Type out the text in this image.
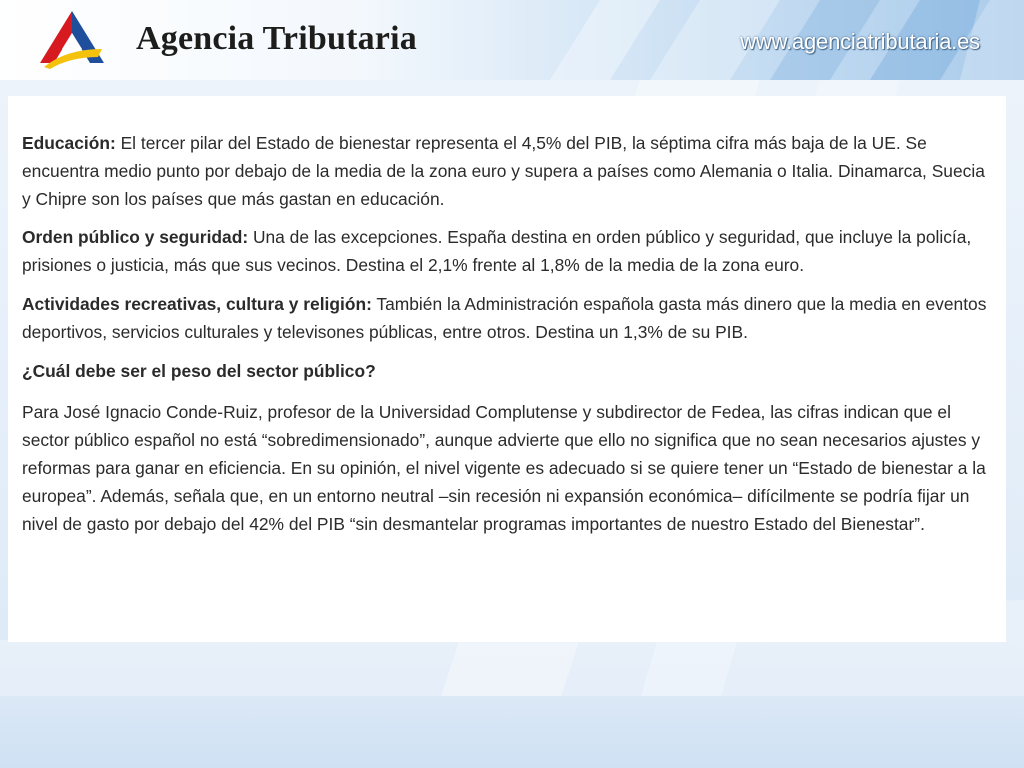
Agencia Tributaria	www.agenciatributaria.es

Educación: El tercer pilar del Estado de bienestar representa el 4,5% del PIB, la séptima cifra más baja de la UE. Se encuentra medio punto por debajo de la media de la zona euro y supera a países como Alemania o Italia. Dinamarca, Suecia y Chipre son los países que más gastan en educación.

Orden público y seguridad: Una de las excepciones. España destina en orden público y seguridad, que incluye la policía, prisiones o justicia, más que sus vecinos. Destina el 2,1% frente al 1,8% de la media de la zona euro.

Actividades recreativas, cultura y religión: También la Administración española gasta más dinero que la media en eventos deportivos, servicios culturales y televisones públicas, entre otros. Destina un 1,3% de su PIB.

¿Cuál debe ser el peso del sector público?

Para José Ignacio Conde-Ruiz, profesor de la Universidad Complutense y subdirector de Fedea, las cifras indican que el sector público español no está “sobredimensionado”, aunque advierte que ello no significa que no sean necesarios ajustes y reformas para ganar en eficiencia. En su opinión, el nivel vigente es adecuado si se quiere tener un “Estado de bienestar a la europea”. Además, señala que, en un entorno neutral –sin recesión ni expansión económica– difícilmente se podría fijar un nivel de gasto por debajo del 42% del PIB “sin desmantelar programas importantes de nuestro Estado del Bienestar”.
